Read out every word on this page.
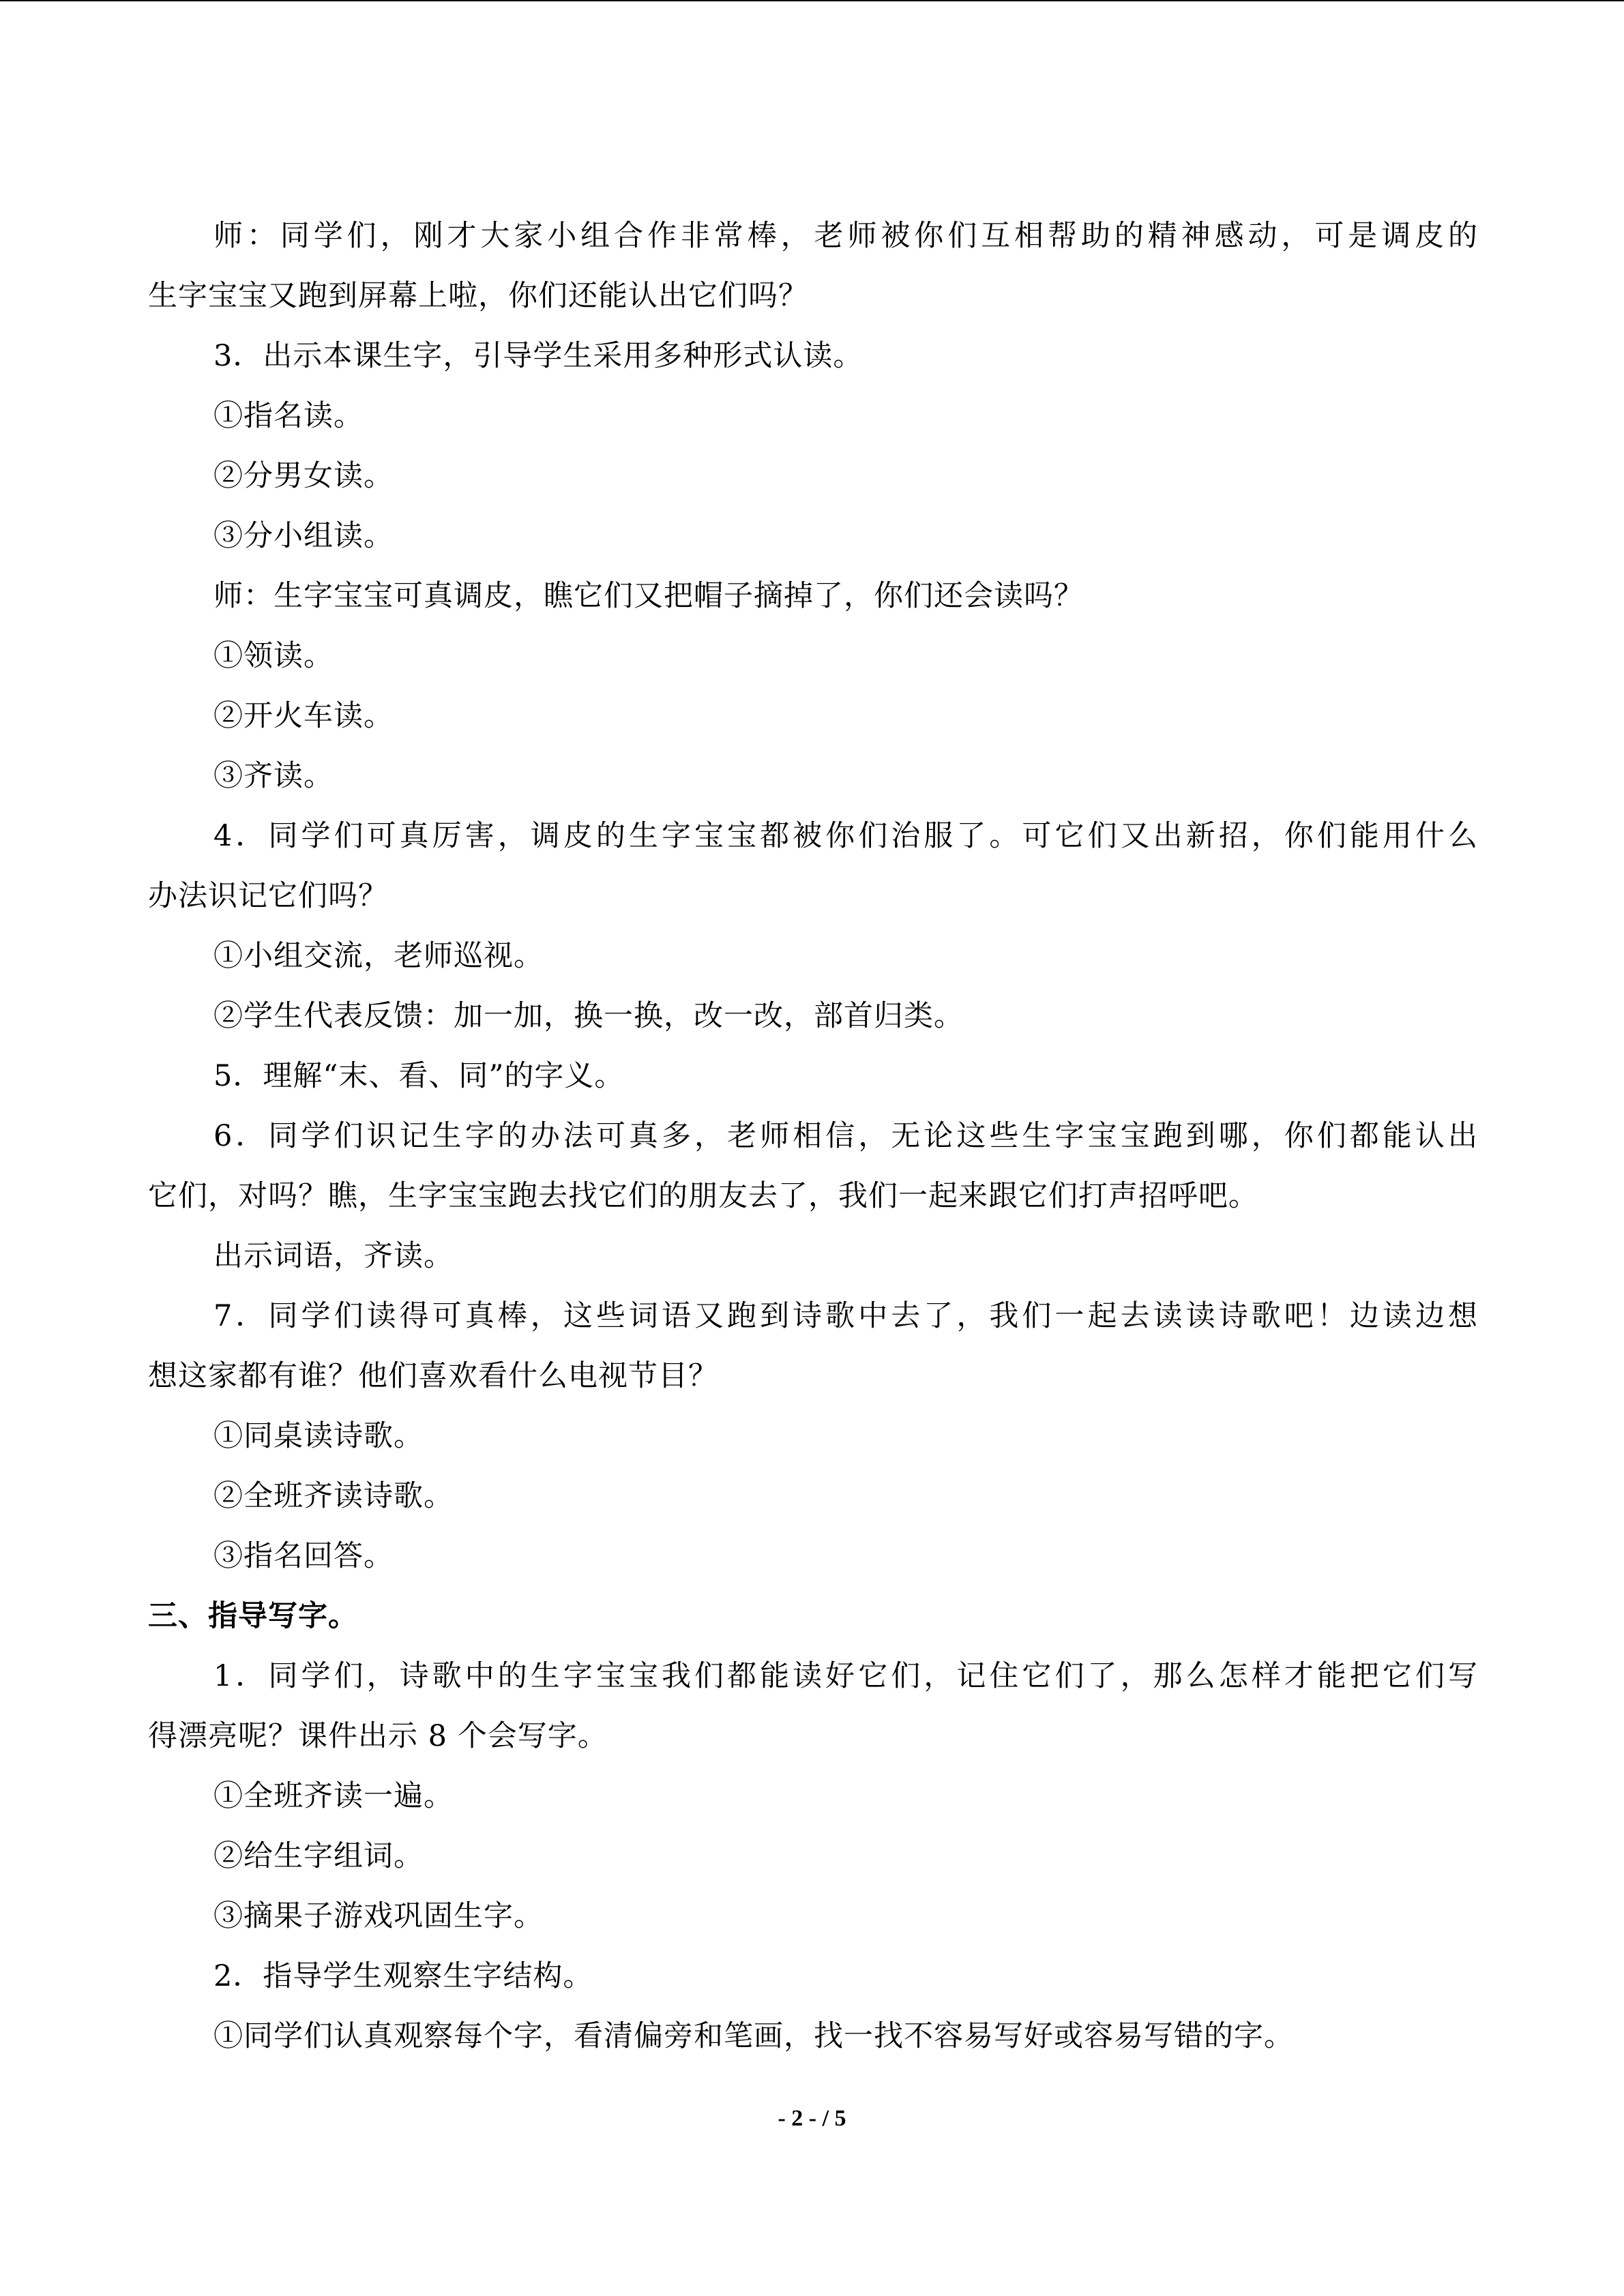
师：同学们，刚才大家小组合作非常棒，老师被你们互相帮助的精神感动，可是调皮的
生字宝宝又跑到屏幕上啦，你们还能认出它们吗？
3．出示本课生字，引导学生采用多种形式认读。
①指名读。
②分男女读。
③分小组读。
师：生字宝宝可真调皮，瞧它们又把帽子摘掉了，你们还会读吗？
①领读。
②开火车读。
③齐读。
4．同学们可真厉害，调皮的生字宝宝都被你们治服了。可它们又出新招，你们能用什么
办法识记它们吗？
①小组交流，老师巡视。
②学生代表反馈：加一加，换一换，改一改，部首归类。
5．理解“末、看、同”的字义。
6．同学们识记生字的办法可真多，老师相信，无论这些生字宝宝跑到哪，你们都能认出
它们，对吗？瞧，生字宝宝跑去找它们的朋友去了，我们一起来跟它们打声招呼吧。
出示词语，齐读。
7．同学们读得可真棒，这些词语又跑到诗歌中去了，我们一起去读读诗歌吧！边读边想
想这家都有谁？他们喜欢看什么电视节目？
①同桌读诗歌。
②全班齐读诗歌。
③指名回答。
三、指导写字。
1．同学们，诗歌中的生字宝宝我们都能读好它们，记住它们了，那么怎样才能把它们写
得漂亮呢？课件出示 8 个会写字。
①全班齐读一遍。
②给生字组词。
③摘果子游戏巩固生字。
2．指导学生观察生字结构。
①同学们认真观察每个字，看清偏旁和笔画，找一找不容易写好或容易写错的字。
- 2 - / 5
